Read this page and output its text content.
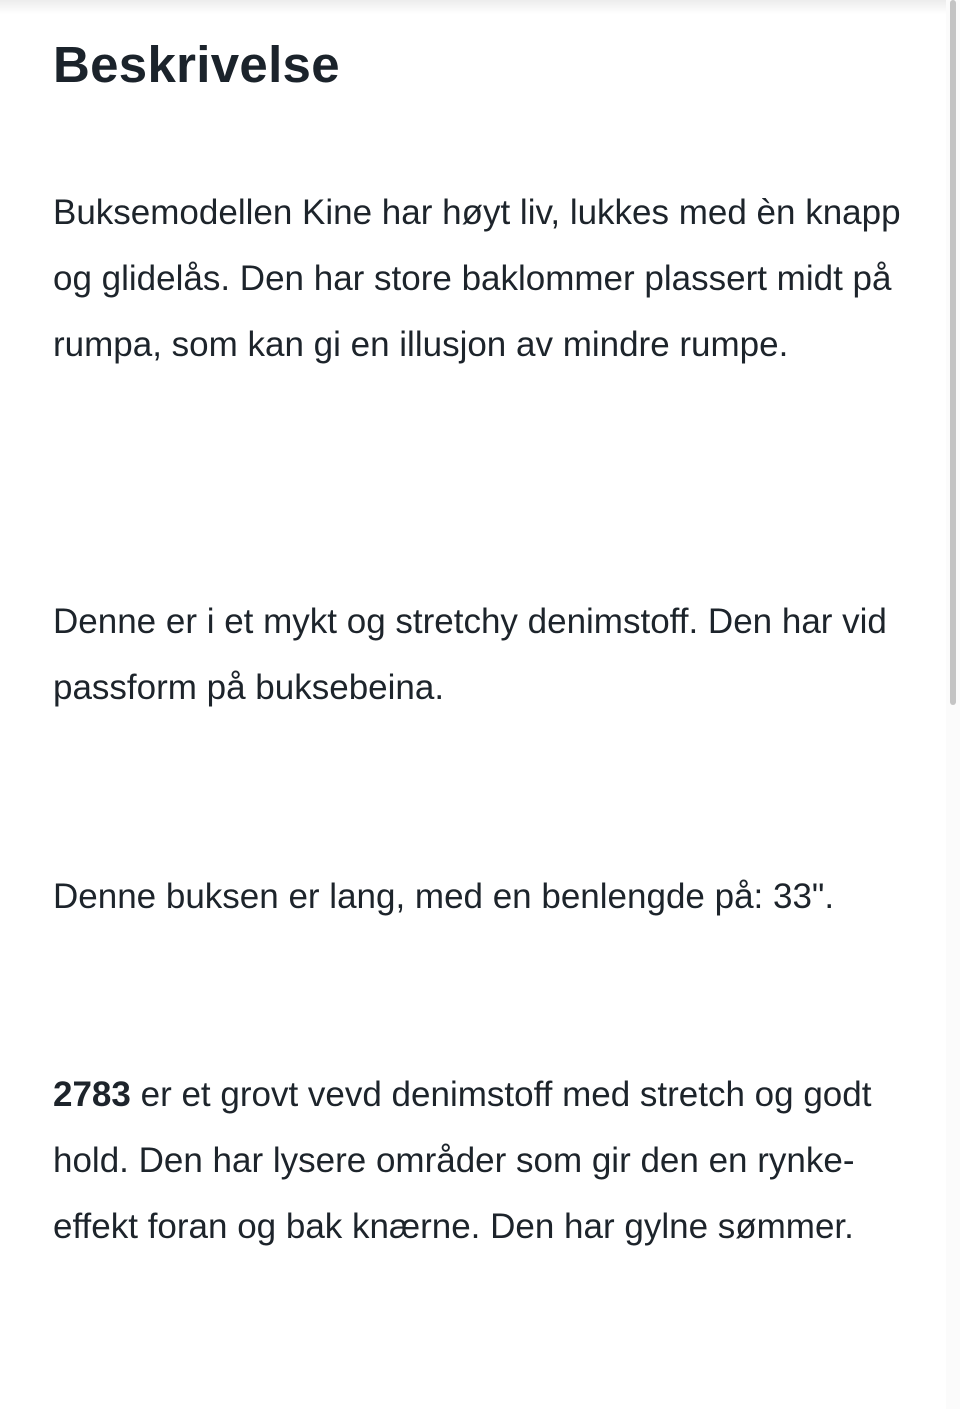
Beskrivelse

Buksemodellen Kine har høyt liv, lukkes med èn knapp og glidelås. Den har store baklommer plassert midt på rumpa, som kan gi en illusjon av mindre rumpe.

Denne er i et mykt og stretchy denimstoff. Den har vid passform på buksebeina.

Denne buksen er lang, med en benlengde på: 33".

2783 er et grovt vevd denimstoff med stretch og godt hold. Den har lysere områder som gir den en rynke-effekt foran og bak knærne. Den har gylne sømmer.
